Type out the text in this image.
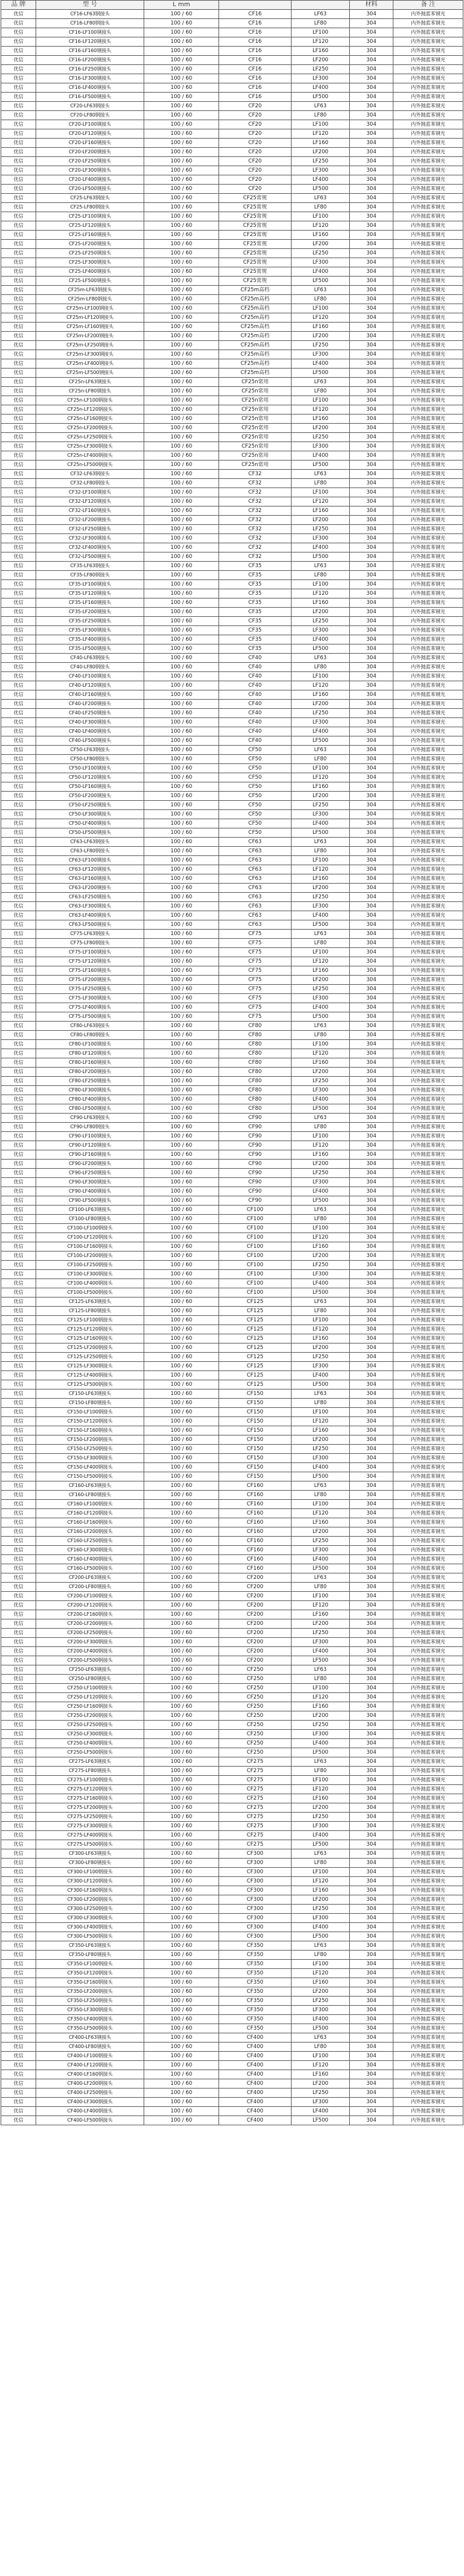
品 牌	型 号	L mm			材料	备 注
优信	CF16-LF63钢接头	100 / 60	CF16	LF63	304	内外抛蓝苯钢光
优信	CF16-LF80钢接头	100 / 60	CF16	LF80	304	内外抛蓝苯钢光
优信	CF16-LF100钢接头	100 / 60	CF16	LF100	304	内外抛蓝苯钢光
优信	CF16-LF120钢接头	100 / 60	CF16	LF120	304	内外抛蓝苯钢光
优信	CF16-LF160钢接头	100 / 60	CF16	LF160	304	内外抛蓝苯钢光
优信	CF16-LF200钢接头	100 / 60	CF16	LF200	304	内外抛蓝苯钢光
优信	CF16-LF250钢接头	100 / 60	CF16	LF250	304	内外抛蓝苯钢光
优信	CF16-LF300钢接头	100 / 60	CF16	LF300	304	内外抛蓝苯钢光
优信	CF16-LF400钢接头	100 / 60	CF16	LF400	304	内外抛蓝苯钢光
优信	CF16-LF500钢接头	100 / 60	CF16	LF500	304	内外抛蓝苯钢光
优信	CF20-LF63钢接头	100 / 60	CF20	LF63	304	内外抛蓝苯钢光
优信	CF20-LF80钢接头	100 / 60	CF20	LF80	304	内外抛蓝苯钢光
优信	CF20-LF100钢接头	100 / 60	CF20	LF100	304	内外抛蓝苯钢光
优信	CF20-LF120钢接头	100 / 60	CF20	LF120	304	内外抛蓝苯钢光
优信	CF20-LF160钢接头	100 / 60	CF20	LF160	304	内外抛蓝苯钢光
优信	CF20-LF200钢接头	100 / 60	CF20	LF200	304	内外抛蓝苯钢光
优信	CF20-LF250钢接头	100 / 60	CF20	LF250	304	内外抛蓝苯钢光
优信	CF20-LF300钢接头	100 / 60	CF20	LF300	304	内外抛蓝苯钢光
优信	CF20-LF400钢接头	100 / 60	CF20	LF400	304	内外抛蓝苯钢光
优信	CF20-LF500钢接头	100 / 60	CF20	LF500	304	内外抛蓝苯钢光
优信	CF25-LF63钢接头	100 / 60	CF25常规	LF63	304	内外抛蓝苯钢光
优信	CF25-LF80钢接头	100 / 60	CF25常规	LF80	304	内外抛蓝苯钢光
优信	CF25-LF100钢接头	100 / 60	CF25常规	LF100	304	内外抛蓝苯钢光
优信	CF25-LF120钢接头	100 / 60	CF25常规	LF120	304	内外抛蓝苯钢光
优信	CF25-LF160钢接头	100 / 60	CF25常规	LF160	304	内外抛蓝苯钢光
优信	CF25-LF200钢接头	100 / 60	CF25常规	LF200	304	内外抛蓝苯钢光
优信	CF25-LF250钢接头	100 / 60	CF25常规	LF250	304	内外抛蓝苯钢光
优信	CF25-LF300钢接头	100 / 60	CF25常规	LF300	304	内外抛蓝苯钢光
优信	CF25-LF400钢接头	100 / 60	CF25常规	LF400	304	内外抛蓝苯钢光
优信	CF25-LF500钢接头	100 / 60	CF25常规	LF500	304	内外抛蓝苯钢光
优信	CF25m-LF63钢接头	100 / 60	CF25m高档	LF63	304	内外抛蓝苯钢光
优信	CF25m-LF80钢接头	100 / 60	CF25m高档	LF80	304	内外抛蓝苯钢光
优信	CF25m-LF100钢接头	100 / 60	CF25m高档	LF100	304	内外抛蓝苯钢光
优信	CF25m-LF120钢接头	100 / 60	CF25m高档	LF120	304	内外抛蓝苯钢光
优信	CF25m-LF160钢接头	100 / 60	CF25m高档	LF160	304	内外抛蓝苯钢光
优信	CF25m-LF200钢接头	100 / 60	CF25m高档	LF200	304	内外抛蓝苯钢光
优信	CF25m-LF250钢接头	100 / 60	CF25m高档	LF250	304	内外抛蓝苯钢光
优信	CF25m-LF300钢接头	100 / 60	CF25m高档	LF300	304	内外抛蓝苯钢光
优信	CF25m-LF400钢接头	100 / 60	CF25m高档	LF400	304	内外抛蓝苯钢光
优信	CF25m-LF500钢接头	100 / 60	CF25m高档	LF500	304	内外抛蓝苯钢光
优信	CF25n-LF63钢接头	100 / 60	CF25n常用	LF63	304	内外抛蓝苯钢光
优信	CF25n-LF80钢接头	100 / 60	CF25n常用	LF80	304	内外抛蓝苯钢光
优信	CF25n-LF100钢接头	100 / 60	CF25n常用	LF100	304	内外抛蓝苯钢光
优信	CF25n-LF120钢接头	100 / 60	CF25n常用	LF120	304	内外抛蓝苯钢光
优信	CF25n-LF160钢接头	100 / 60	CF25n常用	LF160	304	内外抛蓝苯钢光
优信	CF25n-LF200钢接头	100 / 60	CF25n常用	LF200	304	内外抛蓝苯钢光
优信	CF25n-LF250钢接头	100 / 60	CF25n常用	LF250	304	内外抛蓝苯钢光
优信	CF25n-LF300钢接头	100 / 60	CF25n常用	LF300	304	内外抛蓝苯钢光
优信	CF25n-LF400钢接头	100 / 60	CF25n常用	LF400	304	内外抛蓝苯钢光
优信	CF25n-LF500钢接头	100 / 60	CF25n常用	LF500	304	内外抛蓝苯钢光
优信	CF32-LF63钢接头	100 / 60	CF32	LF63	304	内外抛蓝苯钢光
优信	CF32-LF80钢接头	100 / 60	CF32	LF80	304	内外抛蓝苯钢光
优信	CF32-LF100钢接头	100 / 60	CF32	LF100	304	内外抛蓝苯钢光
优信	CF32-LF120钢接头	100 / 60	CF32	LF120	304	内外抛蓝苯钢光
优信	CF32-LF160钢接头	100 / 60	CF32	LF160	304	内外抛蓝苯钢光
优信	CF32-LF200钢接头	100 / 60	CF32	LF200	304	内外抛蓝苯钢光
优信	CF32-LF250钢接头	100 / 60	CF32	LF250	304	内外抛蓝苯钢光
优信	CF32-LF300钢接头	100 / 60	CF32	LF300	304	内外抛蓝苯钢光
优信	CF32-LF400钢接头	100 / 60	CF32	LF400	304	内外抛蓝苯钢光
优信	CF32-LF500钢接头	100 / 60	CF32	LF500	304	内外抛蓝苯钢光
优信	CF35-LF63钢接头	100 / 60	CF35	LF63	304	内外抛蓝苯钢光
优信	CF35-LF80钢接头	100 / 60	CF35	LF80	304	内外抛蓝苯钢光
优信	CF35-LF100钢接头	100 / 60	CF35	LF100	304	内外抛蓝苯钢光
优信	CF35-LF120钢接头	100 / 60	CF35	LF120	304	内外抛蓝苯钢光
优信	CF35-LF160钢接头	100 / 60	CF35	LF160	304	内外抛蓝苯钢光
优信	CF35-LF200钢接头	100 / 60	CF35	LF200	304	内外抛蓝苯钢光
优信	CF35-LF250钢接头	100 / 60	CF35	LF250	304	内外抛蓝苯钢光
优信	CF35-LF300钢接头	100 / 60	CF35	LF300	304	内外抛蓝苯钢光
优信	CF35-LF400钢接头	100 / 60	CF35	LF400	304	内外抛蓝苯钢光
优信	CF35-LF500钢接头	100 / 60	CF35	LF500	304	内外抛蓝苯钢光
优信	CF40-LF63钢接头	100 / 60	CF40	LF63	304	内外抛蓝苯钢光
优信	CF40-LF80钢接头	100 / 60	CF40	LF80	304	内外抛蓝苯钢光
优信	CF40-LF100钢接头	100 / 60	CF40	LF100	304	内外抛蓝苯钢光
优信	CF40-LF120钢接头	100 / 60	CF40	LF120	304	内外抛蓝苯钢光
优信	CF40-LF160钢接头	100 / 60	CF40	LF160	304	内外抛蓝苯钢光
优信	CF40-LF200钢接头	100 / 60	CF40	LF200	304	内外抛蓝苯钢光
优信	CF40-LF250钢接头	100 / 60	CF40	LF250	304	内外抛蓝苯钢光
优信	CF40-LF300钢接头	100 / 60	CF40	LF300	304	内外抛蓝苯钢光
优信	CF40-LF400钢接头	100 / 60	CF40	LF400	304	内外抛蓝苯钢光
优信	CF40-LF500钢接头	100 / 60	CF40	LF500	304	内外抛蓝苯钢光
优信	CF50-LF63钢接头	100 / 60	CF50	LF63	304	内外抛蓝苯钢光
优信	CF50-LF80钢接头	100 / 60	CF50	LF80	304	内外抛蓝苯钢光
优信	CF50-LF100钢接头	100 / 60	CF50	LF100	304	内外抛蓝苯钢光
优信	CF50-LF120钢接头	100 / 60	CF50	LF120	304	内外抛蓝苯钢光
优信	CF50-LF160钢接头	100 / 60	CF50	LF160	304	内外抛蓝苯钢光
优信	CF50-LF200钢接头	100 / 60	CF50	LF200	304	内外抛蓝苯钢光
优信	CF50-LF250钢接头	100 / 60	CF50	LF250	304	内外抛蓝苯钢光
优信	CF50-LF300钢接头	100 / 60	CF50	LF300	304	内外抛蓝苯钢光
优信	CF50-LF400钢接头	100 / 60	CF50	LF400	304	内外抛蓝苯钢光
优信	CF50-LF500钢接头	100 / 60	CF50	LF500	304	内外抛蓝苯钢光
优信	CF63-LF63钢接头	100 / 60	CF63	LF63	304	内外抛蓝苯钢光
优信	CF63-LF80钢接头	100 / 60	CF63	LF80	304	内外抛蓝苯钢光
优信	CF63-LF100钢接头	100 / 60	CF63	LF100	304	内外抛蓝苯钢光
优信	CF63-LF120钢接头	100 / 60	CF63	LF120	304	内外抛蓝苯钢光
优信	CF63-LF160钢接头	100 / 60	CF63	LF160	304	内外抛蓝苯钢光
优信	CF63-LF200钢接头	100 / 60	CF63	LF200	304	内外抛蓝苯钢光
优信	CF63-LF250钢接头	100 / 60	CF63	LF250	304	内外抛蓝苯钢光
优信	CF63-LF300钢接头	100 / 60	CF63	LF300	304	内外抛蓝苯钢光
优信	CF63-LF400钢接头	100 / 60	CF63	LF400	304	内外抛蓝苯钢光
优信	CF63-LF500钢接头	100 / 60	CF63	LF500	304	内外抛蓝苯钢光
优信	CF75-LF63钢接头	100 / 60	CF75	LF63	304	内外抛蓝苯钢光
优信	CF75-LF80钢接头	100 / 60	CF75	LF80	304	内外抛蓝苯钢光
优信	CF75-LF100钢接头	100 / 60	CF75	LF100	304	内外抛蓝苯钢光
优信	CF75-LF120钢接头	100 / 60	CF75	LF120	304	内外抛蓝苯钢光
优信	CF75-LF160钢接头	100 / 60	CF75	LF160	304	内外抛蓝苯钢光
优信	CF75-LF200钢接头	100 / 60	CF75	LF200	304	内外抛蓝苯钢光
优信	CF75-LF250钢接头	100 / 60	CF75	LF250	304	内外抛蓝苯钢光
优信	CF75-LF300钢接头	100 / 60	CF75	LF300	304	内外抛蓝苯钢光
优信	CF75-LF400钢接头	100 / 60	CF75	LF400	304	内外抛蓝苯钢光
优信	CF75-LF500钢接头	100 / 60	CF75	LF500	304	内外抛蓝苯钢光
优信	CF80-LF63钢接头	100 / 60	CF80	LF63	304	内外抛蓝苯钢光
优信	CF80-LF80钢接头	100 / 60	CF80	LF80	304	内外抛蓝苯钢光
优信	CF80-LF100钢接头	100 / 60	CF80	LF100	304	内外抛蓝苯钢光
优信	CF80-LF120钢接头	100 / 60	CF80	LF120	304	内外抛蓝苯钢光
优信	CF80-LF160钢接头	100 / 60	CF80	LF160	304	内外抛蓝苯钢光
优信	CF80-LF200钢接头	100 / 60	CF80	LF200	304	内外抛蓝苯钢光
优信	CF80-LF250钢接头	100 / 60	CF80	LF250	304	内外抛蓝苯钢光
优信	CF80-LF300钢接头	100 / 60	CF80	LF300	304	内外抛蓝苯钢光
优信	CF80-LF400钢接头	100 / 60	CF80	LF400	304	内外抛蓝苯钢光
优信	CF80-LF500钢接头	100 / 60	CF80	LF500	304	内外抛蓝苯钢光
优信	CF90-LF63钢接头	100 / 60	CF90	LF63	304	内外抛蓝苯钢光
优信	CF90-LF80钢接头	100 / 60	CF90	LF80	304	内外抛蓝苯钢光
优信	CF90-LF100钢接头	100 / 60	CF90	LF100	304	内外抛蓝苯钢光
优信	CF90-LF120钢接头	100 / 60	CF90	LF120	304	内外抛蓝苯钢光
优信	CF90-LF160钢接头	100 / 60	CF90	LF160	304	内外抛蓝苯钢光
优信	CF90-LF200钢接头	100 / 60	CF90	LF200	304	内外抛蓝苯钢光
优信	CF90-LF250钢接头	100 / 60	CF90	LF250	304	内外抛蓝苯钢光
优信	CF90-LF300钢接头	100 / 60	CF90	LF300	304	内外抛蓝苯钢光
优信	CF90-LF400钢接头	100 / 60	CF90	LF400	304	内外抛蓝苯钢光
优信	CF90-LF500钢接头	100 / 60	CF90	LF500	304	内外抛蓝苯钢光
优信	CF100-LF63钢接头	100 / 60	CF100	LF63	304	内外抛蓝苯钢光
优信	CF100-LF80钢接头	100 / 60	CF100	LF80	304	内外抛蓝苯钢光
优信	CF100-LF100钢接头	100 / 60	CF100	LF100	304	内外抛蓝苯钢光
优信	CF100-LF120钢接头	100 / 60	CF100	LF120	304	内外抛蓝苯钢光
优信	CF100-LF160钢接头	100 / 60	CF100	LF160	304	内外抛蓝苯钢光
优信	CF100-LF200钢接头	100 / 60	CF100	LF200	304	内外抛蓝苯钢光
优信	CF100-LF250钢接头	100 / 60	CF100	LF250	304	内外抛蓝苯钢光
优信	CF100-LF300钢接头	100 / 60	CF100	LF300	304	内外抛蓝苯钢光
优信	CF100-LF400钢接头	100 / 60	CF100	LF400	304	内外抛蓝苯钢光
优信	CF100-LF500钢接头	100 / 60	CF100	LF500	304	内外抛蓝苯钢光
优信	CF125-LF63钢接头	100 / 60	CF125	LF63	304	内外抛蓝苯钢光
优信	CF125-LF80钢接头	100 / 60	CF125	LF80	304	内外抛蓝苯钢光
优信	CF125-LF100钢接头	100 / 60	CF125	LF100	304	内外抛蓝苯钢光
优信	CF125-LF120钢接头	100 / 60	CF125	LF120	304	内外抛蓝苯钢光
优信	CF125-LF160钢接头	100 / 60	CF125	LF160	304	内外抛蓝苯钢光
优信	CF125-LF200钢接头	100 / 60	CF125	LF200	304	内外抛蓝苯钢光
优信	CF125-LF250钢接头	100 / 60	CF125	LF250	304	内外抛蓝苯钢光
优信	CF125-LF300钢接头	100 / 60	CF125	LF300	304	内外抛蓝苯钢光
优信	CF125-LF400钢接头	100 / 60	CF125	LF400	304	内外抛蓝苯钢光
优信	CF125-LF500钢接头	100 / 60	CF125	LF500	304	内外抛蓝苯钢光
优信	CF150-LF63钢接头	100 / 60	CF150	LF63	304	内外抛蓝苯钢光
优信	CF150-LF80钢接头	100 / 60	CF150	LF80	304	内外抛蓝苯钢光
优信	CF150-LF100钢接头	100 / 60	CF150	LF100	304	内外抛蓝苯钢光
优信	CF150-LF120钢接头	100 / 60	CF150	LF120	304	内外抛蓝苯钢光
优信	CF150-LF160钢接头	100 / 60	CF150	LF160	304	内外抛蓝苯钢光
优信	CF150-LF200钢接头	100 / 60	CF150	LF200	304	内外抛蓝苯钢光
优信	CF150-LF250钢接头	100 / 60	CF150	LF250	304	内外抛蓝苯钢光
优信	CF150-LF300钢接头	100 / 60	CF150	LF300	304	内外抛蓝苯钢光
优信	CF150-LF400钢接头	100 / 60	CF150	LF400	304	内外抛蓝苯钢光
优信	CF150-LF500钢接头	100 / 60	CF150	LF500	304	内外抛蓝苯钢光
优信	CF160-LF63钢接头	100 / 60	CF160	LF63	304	内外抛蓝苯钢光
优信	CF160-LF80钢接头	100 / 60	CF160	LF80	304	内外抛蓝苯钢光
优信	CF160-LF100钢接头	100 / 60	CF160	LF100	304	内外抛蓝苯钢光
优信	CF160-LF120钢接头	100 / 60	CF160	LF120	304	内外抛蓝苯钢光
优信	CF160-LF160钢接头	100 / 60	CF160	LF160	304	内外抛蓝苯钢光
优信	CF160-LF200钢接头	100 / 60	CF160	LF200	304	内外抛蓝苯钢光
优信	CF160-LF250钢接头	100 / 60	CF160	LF250	304	内外抛蓝苯钢光
优信	CF160-LF300钢接头	100 / 60	CF160	LF300	304	内外抛蓝苯钢光
优信	CF160-LF400钢接头	100 / 60	CF160	LF400	304	内外抛蓝苯钢光
优信	CF160-LF500钢接头	100 / 60	CF160	LF500	304	内外抛蓝苯钢光
优信	CF200-LF63钢接头	100 / 60	CF200	LF63	304	内外抛蓝苯钢光
优信	CF200-LF80钢接头	100 / 60	CF200	LF80	304	内外抛蓝苯钢光
优信	CF200-LF100钢接头	100 / 60	CF200	LF100	304	内外抛蓝苯钢光
优信	CF200-LF120钢接头	100 / 60	CF200	LF120	304	内外抛蓝苯钢光
优信	CF200-LF160钢接头	100 / 60	CF200	LF160	304	内外抛蓝苯钢光
优信	CF200-LF200钢接头	100 / 60	CF200	LF200	304	内外抛蓝苯钢光
优信	CF200-LF250钢接头	100 / 60	CF200	LF250	304	内外抛蓝苯钢光
优信	CF200-LF300钢接头	100 / 60	CF200	LF300	304	内外抛蓝苯钢光
优信	CF200-LF400钢接头	100 / 60	CF200	LF400	304	内外抛蓝苯钢光
优信	CF200-LF500钢接头	100 / 60	CF200	LF500	304	内外抛蓝苯钢光
优信	CF250-LF63钢接头	100 / 60	CF250	LF63	304	内外抛蓝苯钢光
优信	CF250-LF80钢接头	100 / 60	CF250	LF80	304	内外抛蓝苯钢光
优信	CF250-LF100钢接头	100 / 60	CF250	LF100	304	内外抛蓝苯钢光
优信	CF250-LF120钢接头	100 / 60	CF250	LF120	304	内外抛蓝苯钢光
优信	CF250-LF160钢接头	100 / 60	CF250	LF160	304	内外抛蓝苯钢光
优信	CF250-LF200钢接头	100 / 60	CF250	LF200	304	内外抛蓝苯钢光
优信	CF250-LF250钢接头	100 / 60	CF250	LF250	304	内外抛蓝苯钢光
优信	CF250-LF300钢接头	100 / 60	CF250	LF300	304	内外抛蓝苯钢光
优信	CF250-LF400钢接头	100 / 60	CF250	LF400	304	内外抛蓝苯钢光
优信	CF250-LF500钢接头	100 / 60	CF250	LF500	304	内外抛蓝苯钢光
优信	CF275-LF63钢接头	100 / 60	CF275	LF63	304	内外抛蓝苯钢光
优信	CF275-LF80钢接头	100 / 60	CF275	LF80	304	内外抛蓝苯钢光
优信	CF275-LF100钢接头	100 / 60	CF275	LF100	304	内外抛蓝苯钢光
优信	CF275-LF120钢接头	100 / 60	CF275	LF120	304	内外抛蓝苯钢光
优信	CF275-LF160钢接头	100 / 60	CF275	LF160	304	内外抛蓝苯钢光
优信	CF275-LF200钢接头	100 / 60	CF275	LF200	304	内外抛蓝苯钢光
优信	CF275-LF250钢接头	100 / 60	CF275	LF250	304	内外抛蓝苯钢光
优信	CF275-LF300钢接头	100 / 60	CF275	LF300	304	内外抛蓝苯钢光
优信	CF275-LF400钢接头	100 / 60	CF275	LF400	304	内外抛蓝苯钢光
优信	CF275-LF500钢接头	100 / 60	CF275	LF500	304	内外抛蓝苯钢光
优信	CF300-LF63钢接头	100 / 60	CF300	LF63	304	内外抛蓝苯钢光
优信	CF300-LF80钢接头	100 / 60	CF300	LF80	304	内外抛蓝苯钢光
优信	CF300-LF100钢接头	100 / 60	CF300	LF100	304	内外抛蓝苯钢光
优信	CF300-LF120钢接头	100 / 60	CF300	LF120	304	内外抛蓝苯钢光
优信	CF300-LF160钢接头	100 / 60	CF300	LF160	304	内外抛蓝苯钢光
优信	CF300-LF200钢接头	100 / 60	CF300	LF200	304	内外抛蓝苯钢光
优信	CF300-LF250钢接头	100 / 60	CF300	LF250	304	内外抛蓝苯钢光
优信	CF300-LF300钢接头	100 / 60	CF300	LF300	304	内外抛蓝苯钢光
优信	CF300-LF400钢接头	100 / 60	CF300	LF400	304	内外抛蓝苯钢光
优信	CF300-LF500钢接头	100 / 60	CF300	LF500	304	内外抛蓝苯钢光
优信	CF350-LF63钢接头	100 / 60	CF350	LF63	304	内外抛蓝苯钢光
优信	CF350-LF80钢接头	100 / 60	CF350	LF80	304	内外抛蓝苯钢光
优信	CF350-LF100钢接头	100 / 60	CF350	LF100	304	内外抛蓝苯钢光
优信	CF350-LF120钢接头	100 / 60	CF350	LF120	304	内外抛蓝苯钢光
优信	CF350-LF160钢接头	100 / 60	CF350	LF160	304	内外抛蓝苯钢光
优信	CF350-LF200钢接头	100 / 60	CF350	LF200	304	内外抛蓝苯钢光
优信	CF350-LF250钢接头	100 / 60	CF350	LF250	304	内外抛蓝苯钢光
优信	CF350-LF300钢接头	100 / 60	CF350	LF300	304	内外抛蓝苯钢光
优信	CF350-LF400钢接头	100 / 60	CF350	LF400	304	内外抛蓝苯钢光
优信	CF350-LF500钢接头	100 / 60	CF350	LF500	304	内外抛蓝苯钢光
优信	CF400-LF63钢接头	100 / 60	CF400	LF63	304	内外抛蓝苯钢光
优信	CF400-LF80钢接头	100 / 60	CF400	LF80	304	内外抛蓝苯钢光
优信	CF400-LF100钢接头	100 / 60	CF400	LF100	304	内外抛蓝苯钢光
优信	CF400-LF120钢接头	100 / 60	CF400	LF120	304	内外抛蓝苯钢光
优信	CF400-LF160钢接头	100 / 60	CF400	LF160	304	内外抛蓝苯钢光
优信	CF400-LF200钢接头	100 / 60	CF400	LF200	304	内外抛蓝苯钢光
优信	CF400-LF250钢接头	100 / 60	CF400	LF250	304	内外抛蓝苯钢光
优信	CF400-LF300钢接头	100 / 60	CF400	LF300	304	内外抛蓝苯钢光
优信	CF400-LF400钢接头	100 / 60	CF400	LF400	304	内外抛蓝苯钢光
优信	CF400-LF500钢接头	100 / 60	CF400	LF500	304	内外抛蓝苯钢光
